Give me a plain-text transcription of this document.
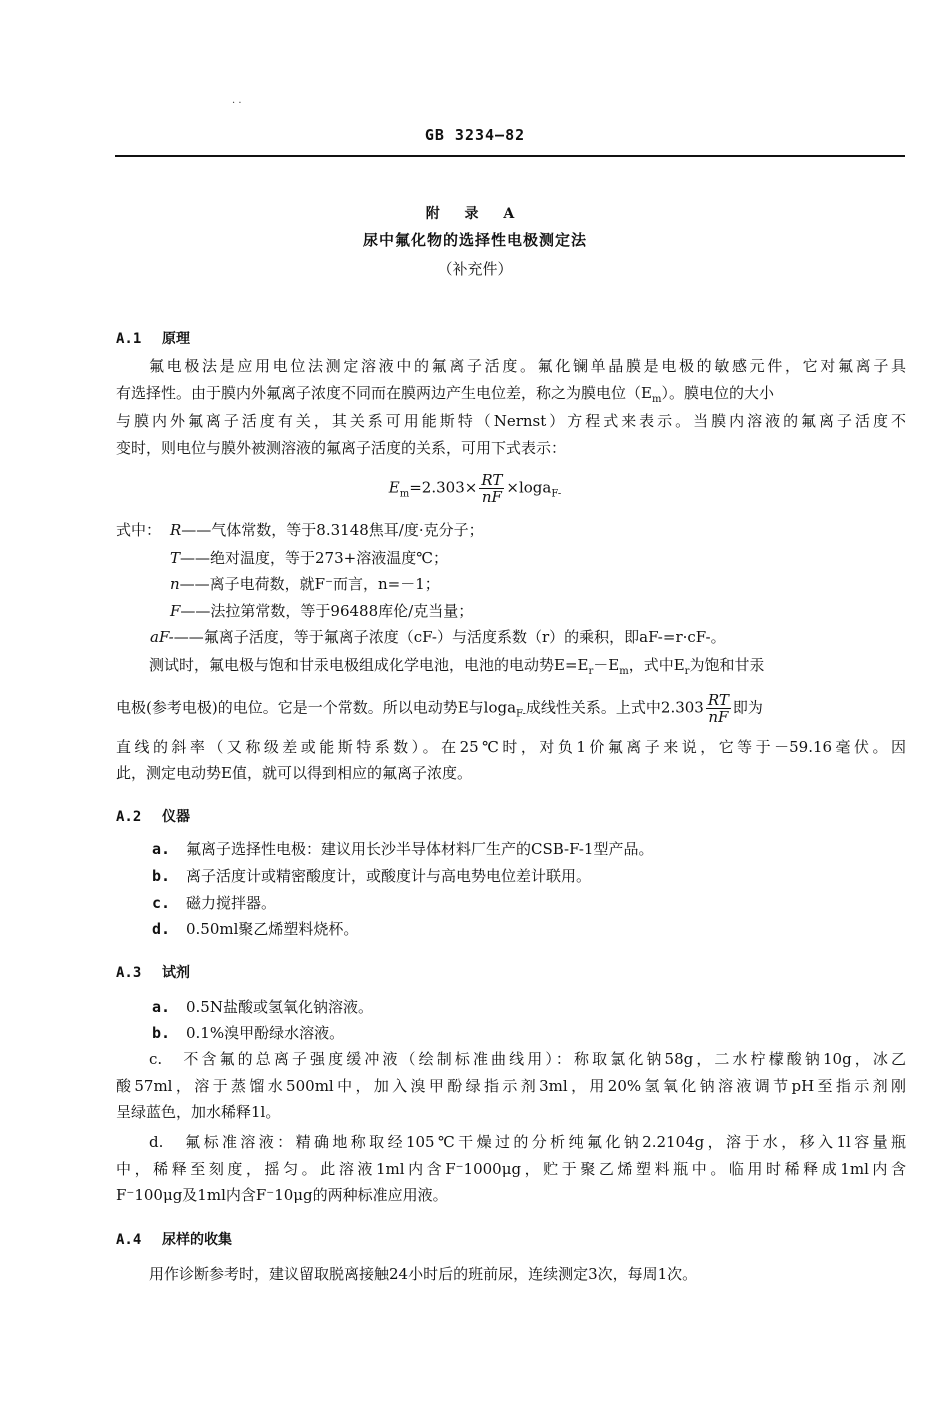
· ·
GB 3234—82
附 录 A
尿中氟化物的选择性电极测定法
（补充件）
A.1 原理
氟电极法是应用电位法测定溶液中的氟离子活度。氟化镧单晶膜是电极的敏感元件，它对氟离子具
有选择性。由于膜内外氟离子浓度不同而在膜两边产生电位差，称之为膜电位$(E_m)$。膜电位的大小
与膜内外氟离子活度有关，其关系可用能斯特（Nernst）方程式来表示。当膜内溶液的氟离子活度不
变时，则电位与膜外被测溶液的氟离子活度的关系，可用下式表示：
$E_m=2.303\times \frac{RT}{nF} \times\log a_{F-}$
式中： R——气体常数，等于8.3148焦耳/度·克分子；
T——绝对温度，等于273+溶液温度℃；
n——离子电荷数，就F⁻而言，n=－1；
F——法拉第常数，等于96488库伦/克当量；
aF-——氟离子活度，等于氟离子浓度（cF-）与活度系数（r）的乘积，即aF-=r·cF-。
测试时，氟电极与饱和甘汞电极组成化学电池，电池的电动势$E=E_r-E_m$，式中$E_r$为饱和甘汞
电极(参考电极)的电位。它是一个常数。所以电动势E与loga$_{F-}$成线性关系。上式中$2.303 \frac{RT}{nF}$ 即为
直线的斜率（又称级差或能斯特系数）。在25℃时，对负1价氟离子来说，它等于－59.16毫伏。因
此，测定电动势E值，就可以得到相应的氟离子浓度。
A.2 仪器
a. 氟离子选择性电极：建议用长沙半导体材料厂生产的CSB-F-1型产品。
b. 离子活度计或精密酸度计，或酸度计与高电势电位差计联用。
c. 磁力搅拌器。
d. 0.50ml聚乙烯塑料烧杯。
A.3 试剂
a. 0.5N盐酸或氢氧化钠溶液。
b. 0.1%溴甲酚绿水溶液。
c.　不含氟的总离子强度缓冲液（绘制标准曲线用）：称取氯化钠58g，二水柠檬酸钠10g，冰乙
酸57ml，溶于蒸馏水500ml中，加入溴甲酚绿指示剂3ml，用20%氢氧化钠溶液调节pH至指示剂刚
呈绿蓝色，加水稀释1l。
d.　氟标准溶液：精确地称取经105℃干燥过的分析纯氟化钠2.2104g，溶于水，移入1l容量瓶
中，稀释至刻度，摇匀。此溶液1ml内含F⁻1000μg，贮于聚乙烯塑料瓶中。临用时稀释成1ml内含
F⁻100μg及1ml内含F⁻10μg的两种标准应用液。
A.4 尿样的收集
用作诊断参考时，建议留取脱离接触24小时后的班前尿，连续测定3次，每周1次。
